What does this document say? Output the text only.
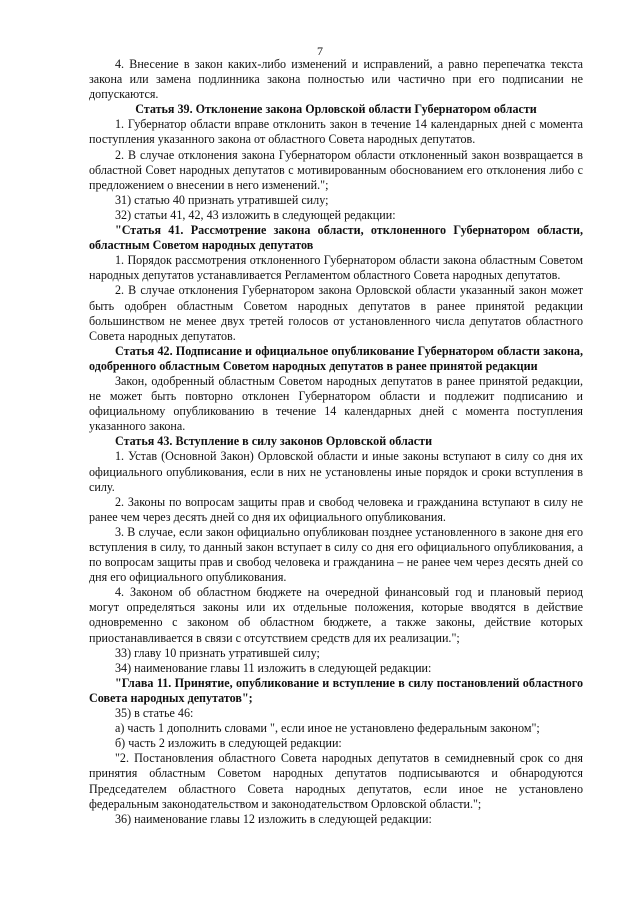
7

4. Внесение в закон каких-либо изменений и исправлений, а равно перепечатка текста закона или замена подлинника закона полностью или частично при его подписании не допускаются.

Статья 39. Отклонение закона Орловской области Губернатором области

1. Губернатор области вправе отклонить закон в течение 14 календарных дней с момента поступления указанного закона от областного Совета народных депутатов.

2. В случае отклонения закона Губернатором области отклоненный закон возвращается в областной Совет народных депутатов с мотивированным обоснованием его отклонения либо с предложением о внесении в него изменений.";

31) статью 40 признать утратившей силу;

32) статьи 41, 42, 43 изложить в следующей редакции:

"Статья 41. Рассмотрение закона области, отклоненного Губернатором области, областным Советом народных депутатов

1. Порядок рассмотрения отклоненного Губернатором области закона областным Советом народных депутатов устанавливается Регламентом областного Совета народных депутатов.

2. В случае отклонения Губернатором закона Орловской области указанный закон может быть одобрен областным Советом народных депутатов в ранее принятой редакции большинством не менее двух третей голосов от установленного числа депутатов областного Совета народных депутатов.

Статья 42. Подписание и официальное опубликование Губернатором области закона, одобренного областным Советом народных депутатов в ранее принятой редакции

Закон, одобренный областным Советом народных депутатов в ранее принятой редакции, не может быть повторно отклонен Губернатором области и подлежит подписанию и официальному опубликованию в течение 14 календарных дней с момента поступления указанного закона.

Статья 43. Вступление в силу законов Орловской области

1. Устав (Основной Закон) Орловской области и иные законы вступают в силу со дня их официального опубликования, если в них не установлены иные порядок и сроки вступления в силу.

2. Законы по вопросам защиты прав и свобод человека и гражданина вступают в силу не ранее чем через десять дней со дня их официального опубликования.

3. В случае, если закон официально опубликован позднее установленного в законе дня его вступления в силу, то данный закон вступает в силу со дня его официального опубликования, а по вопросам защиты прав и свобод человека и гражданина – не ранее чем через десять дней со дня его официального опубликования.

4. Законом об областном бюджете на очередной финансовый год и плановый период могут определяться законы или их отдельные положения, которые вводятся в действие одновременно с законом об областном бюджете, а также законы, действие которых приостанавливается в связи с отсутствием средств для их реализации.";

33) главу 10 признать утратившей силу;

34) наименование главы 11 изложить в следующей редакции:

"Глава 11. Принятие, опубликование и вступление в силу постановлений областного Совета народных депутатов";

35) в статье 46:

а) часть 1 дополнить словами ", если иное не установлено федеральным законом";

б) часть 2 изложить в следующей редакции:

"2. Постановления областного Совета народных депутатов в семидневный срок со дня принятия областным Советом народных депутатов подписываются и обнародуются Председателем областного Совета народных депутатов, если иное не установлено федеральным законодательством и законодательством Орловской области.";

36) наименование главы 12 изложить в следующей редакции:
